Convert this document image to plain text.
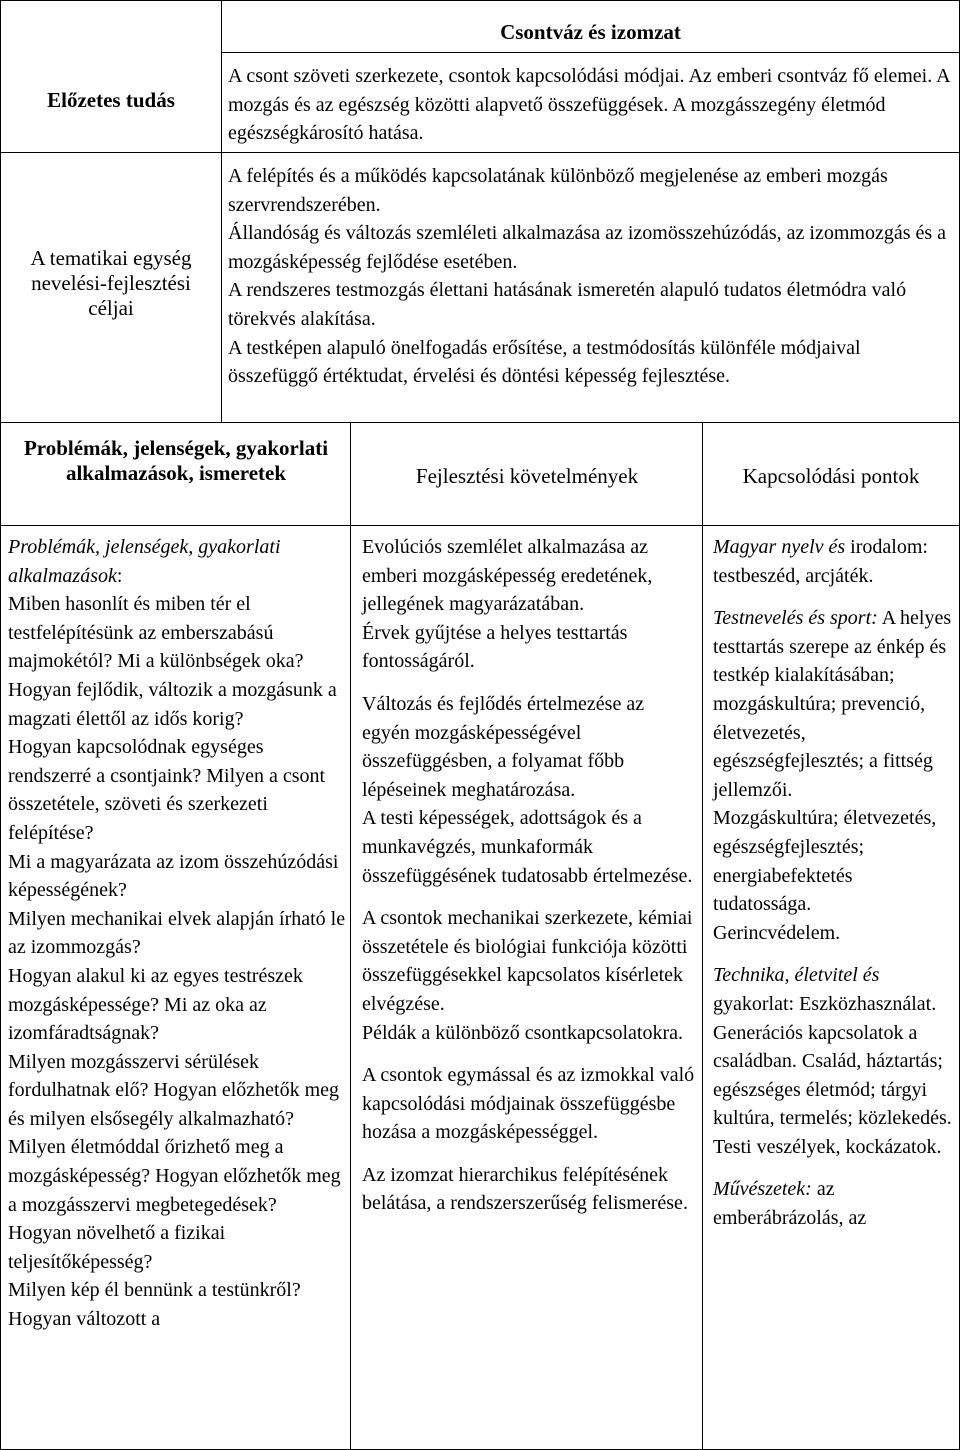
Csontváz és izomzat
Előzetes tudás
A csont szöveti szerkezete, csontok kapcsolódási módjai. Az emberi csontváz fő elemei. A mozgás és az egészség közötti alapvető összefüggések. A mozgásszegény életmód egészségkárosító hatása.
A tematikai egység nevelési-fejlesztési céljai
A felépítés és a működés kapcsolatának különböző megjelenése az emberi mozgás szervrendszerében.
Állandóság és változás szemléleti alkalmazása az izomösszehúzódás, az izommozgás és a mozgásképesség fejlődése esetében.
A rendszeres testmozgás élettani hatásának ismeretén alapuló tudatos életmódra való törekvés alakítása.
A testképen alapuló önelfogadás erősítése, a testmódosítás különféle módjaival összefüggő értéktudat, érvelési és döntési képesség fejlesztése.
Problémák, jelenségek, gyakorlati alkalmazások, ismeretek	Fejlesztési követelmények	Kapcsolódási pontok
Problémák, jelenségek, gyakorlati alkalmazások:
Miben hasonlít és miben tér el testfelépítésünk az emberszabású majmokétól? Mi a különbségek oka?
Hogyan fejlődik, változik a mozgásunk a magzati élettől az idős korig?
Hogyan kapcsolódnak egységes rendszerré a csontjaink? Milyen a csont összetétele, szöveti és szerkezeti felépítése?
Mi a magyarázata az izom összehúzódási képességének?
Milyen mechanikai elvek alapján írható le az izommozgás?
Hogyan alakul ki az egyes testrészek mozgásképessége? Mi az oka az izomfáradtságnak?
Milyen mozgásszervi sérülések fordulhatnak elő? Hogyan előzhetők meg és milyen elsősegély alkalmazható?
Milyen életmóddal őrizhető meg a mozgásképesség? Hogyan előzhetők meg a mozgásszervi megbetegedések?
Hogyan növelhető a fizikai teljesítőképesség?
Milyen kép él bennünk a testünkről? Hogyan változott a
Evolúciós szemlélet alkalmazása az emberi mozgásképesség eredetének, jellegének magyarázatában.
Érvek gyűjtése a helyes testtartás fontosságáról.
Változás és fejlődés értelmezése az egyén mozgásképességével összefüggésben, a folyamat főbb lépéseinek meghatározása.
A testi képességek, adottságok és a munkavégzés, munkaformák összefüggésének tudatosabb értelmezése.
A csontok mechanikai szerkezete, kémiai összetétele és biológiai funkciója közötti összefüggésekkel kapcsolatos kísérletek elvégzése.
Példák a különböző csontkapcsolatokra.
A csontok egymással és az izmokkal való kapcsolódási módjainak összefüggésbe hozása a mozgásképességgel.
Az izomzat hierarchikus felépítésének belátása, a rendszerszerűség felismerése.
Magyar nyelv és irodalom: testbeszéd, arcjáték.
Testnevelés és sport: A helyes testtartás szerepe az énkép és testkép kialakításában; mozgáskultúra; prevenció, életvezetés, egészségfejlesztés; a fittség jellemzői.
Mozgáskultúra; életvezetés, egészségfejlesztés; energiabefektetés tudatossága.
Gerincvédelem.
Technika, életvitel és gyakorlat: Eszközhasználat. Generációs kapcsolatok a családban. Család, háztartás; egészséges életmód; tárgyi kultúra, termelés; közlekedés. Testi veszélyek, kockázatok.
Művészetek: az emberábrázolás, az
